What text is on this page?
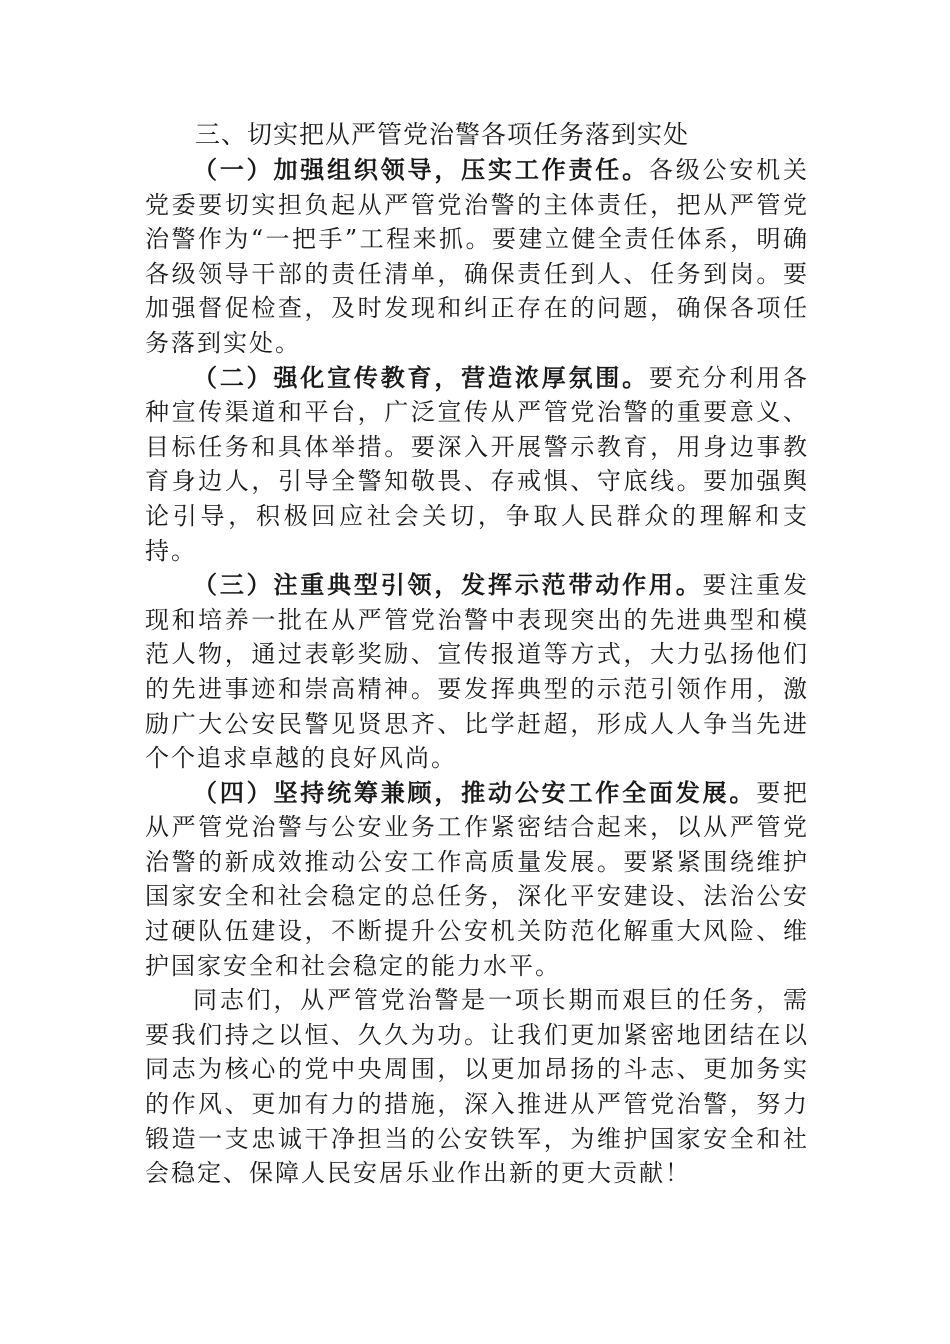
三、切实把从严管党治警各项任务落到实处

（一）加强组织领导，压实工作责任。各级公安机关党委要切实担负起从严管党治警的主体责任，把从严管党治警作为“一把手”工程来抓。要建立健全责任体系，明确各级领导干部的责任清单，确保责任到人、任务到岗。要加强督促检查，及时发现和纠正存在的问题，确保各项任务落到实处。

（二）强化宣传教育，营造浓厚氛围。要充分利用各种宣传渠道和平台，广泛宣传从严管党治警的重要意义、目标任务和具体举措。要深入开展警示教育，用身边事教育身边人，引导全警知敬畏、存戒惧、守底线。要加强舆论引导，积极回应社会关切，争取人民群众的理解和支持。

（三）注重典型引领，发挥示范带动作用。要注重发现和培养一批在从严管党治警中表现突出的先进典型和模范人物，通过表彰奖励、宣传报道等方式，大力弘扬他们的先进事迹和崇高精神。要发挥典型的示范引领作用，激励广大公安民警见贤思齐、比学赶超，形成人人争当先进个个追求卓越的良好风尚。

（四）坚持统筹兼顾，推动公安工作全面发展。要把从严管党治警与公安业务工作紧密结合起来，以从严管党治警的新成效推动公安工作高质量发展。要紧紧围绕维护国家安全和社会稳定的总任务，深化平安建设、法治公安过硬队伍建设，不断提升公安机关防范化解重大风险、维护国家安全和社会稳定的能力水平。

同志们，从严管党治警是一项长期而艰巨的任务，需要我们持之以恒、久久为功。让我们更加紧密地团结在以同志为核心的党中央周围，以更加昂扬的斗志、更加务实的作风、更加有力的措施，深入推进从严管党治警，努力锻造一支忠诚干净担当的公安铁军，为维护国家安全和社会稳定、保障人民安居乐业作出新的更大贡献！
